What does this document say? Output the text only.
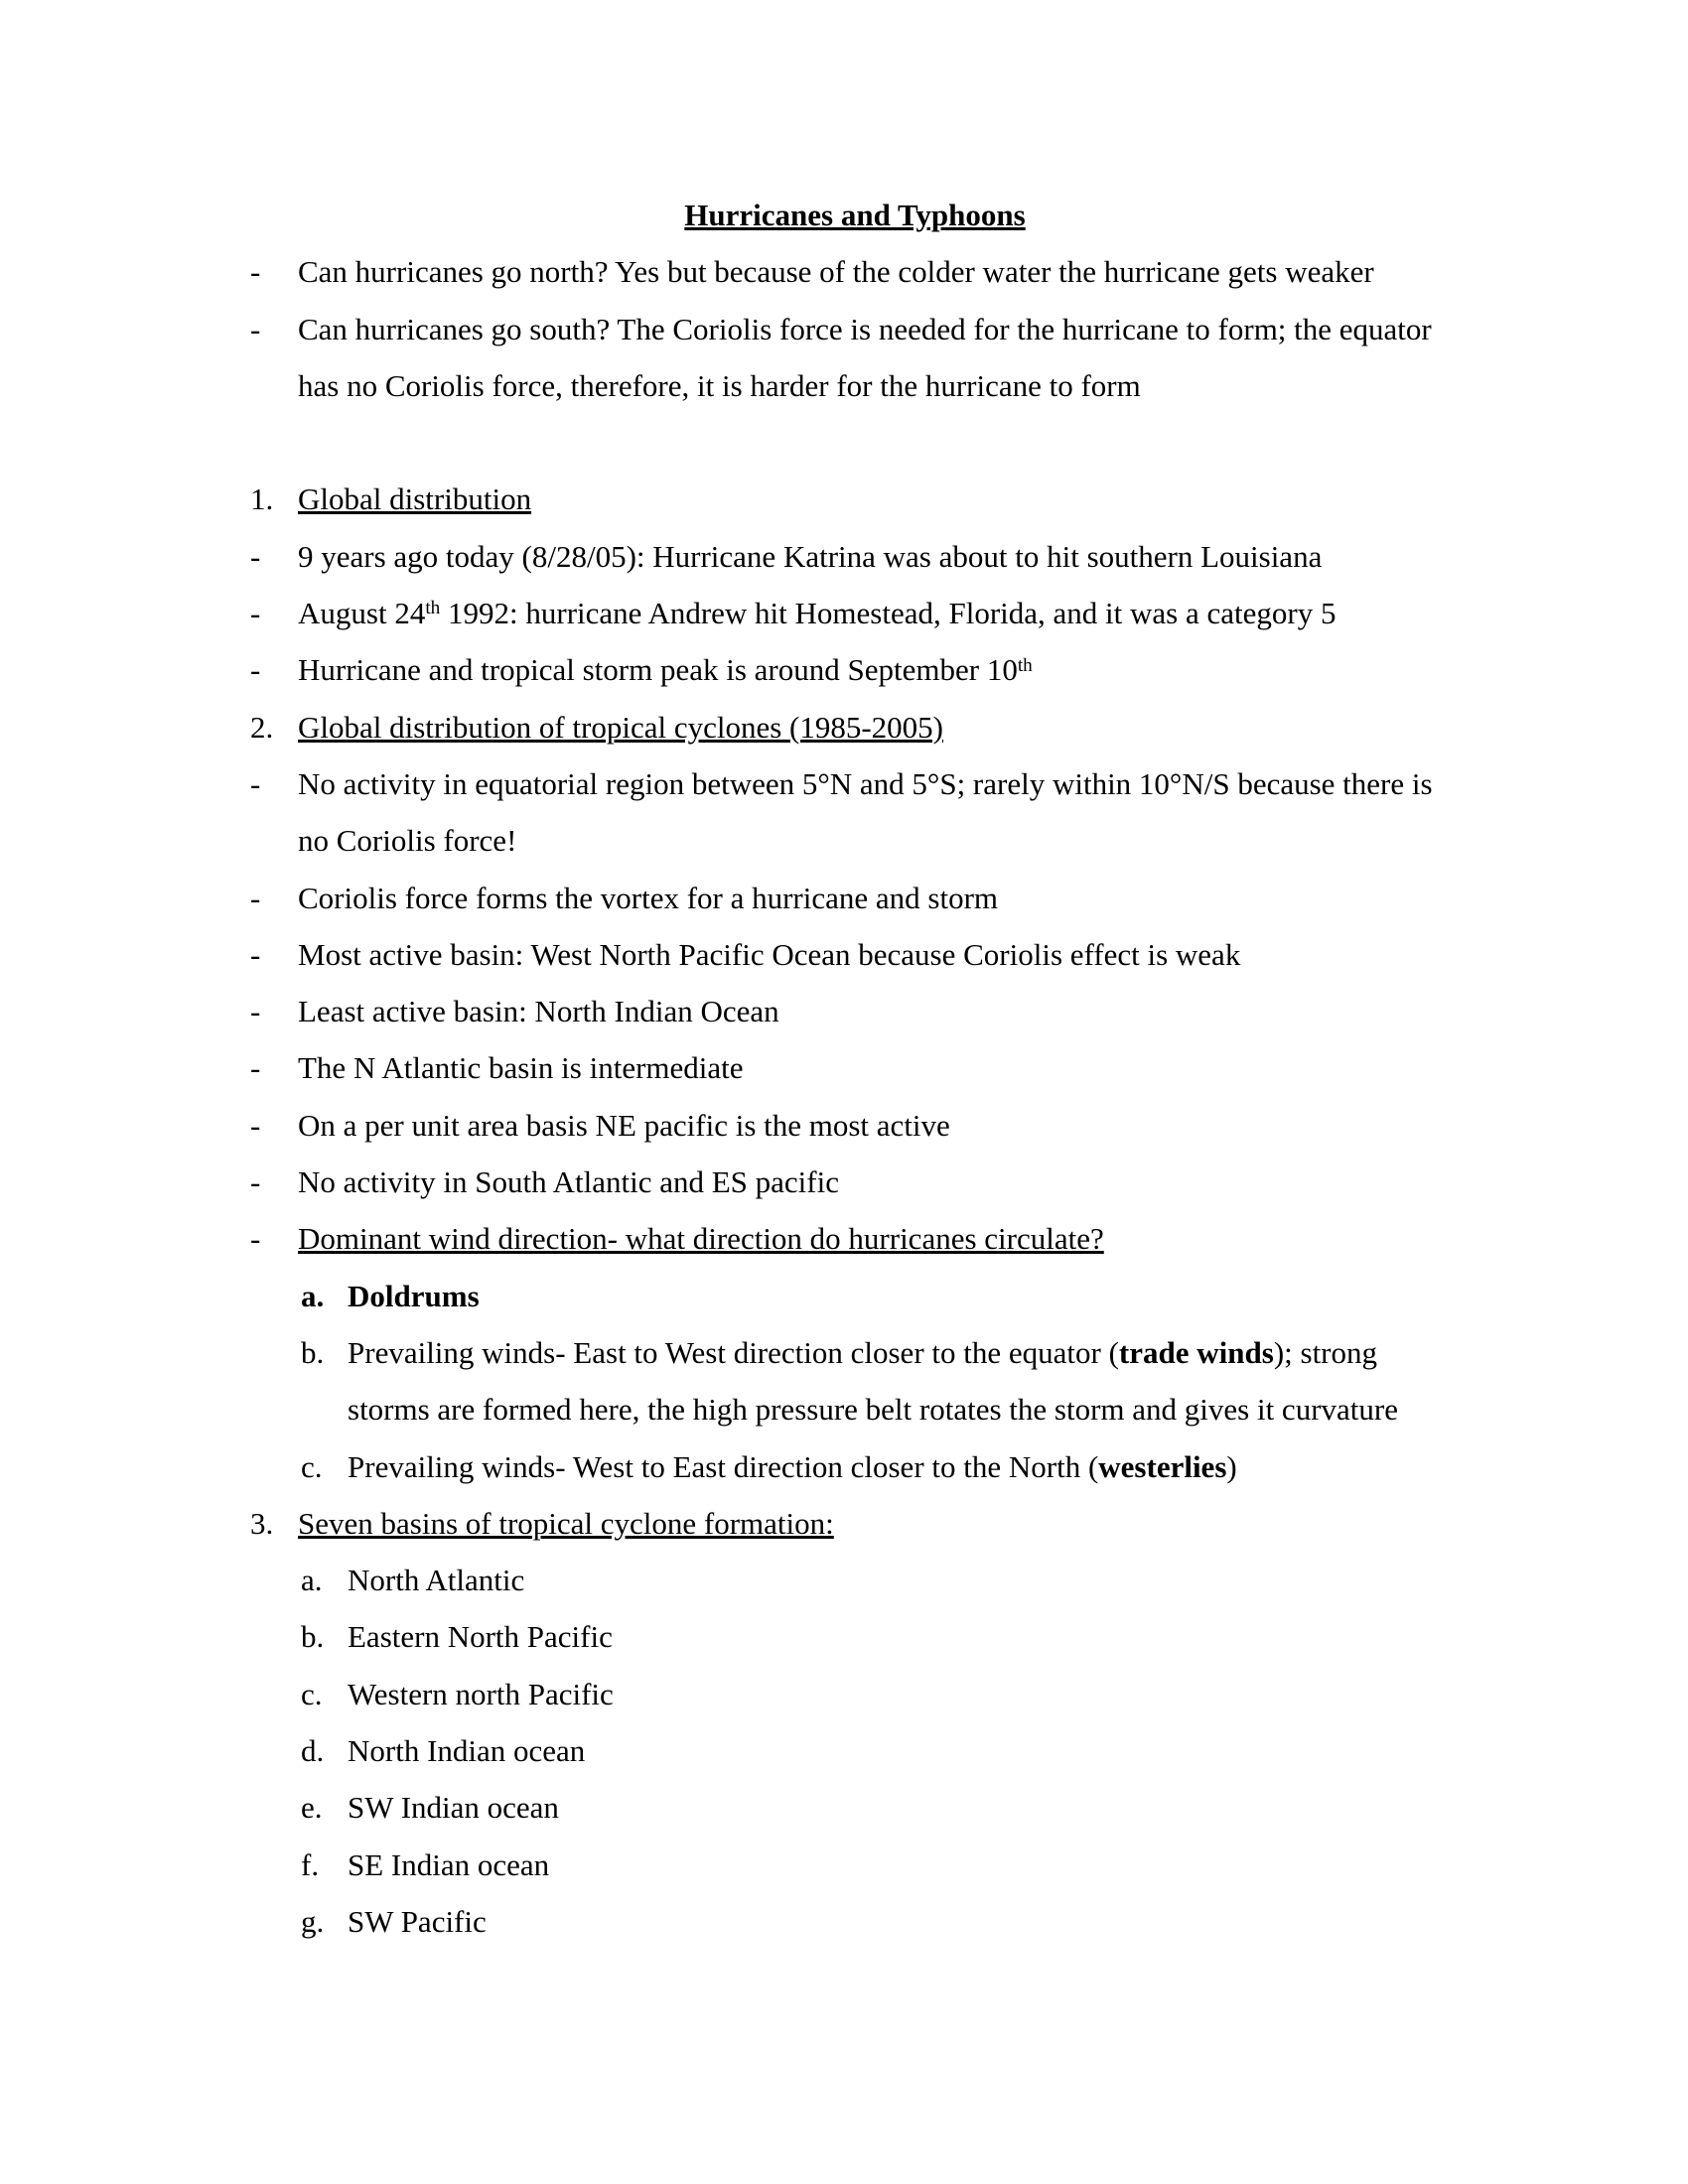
Hurricanes and Typhoons
- Can hurricanes go north? Yes but because of the colder water the hurricane gets weaker
- Can hurricanes go south? The Coriolis force is needed for the hurricane to form; the equator has no Coriolis force, therefore, it is harder for the hurricane to form
1. Global distribution
- 9 years ago today (8/28/05): Hurricane Katrina was about to hit southern Louisiana
- August 24th 1992: hurricane Andrew hit Homestead, Florida, and it was a category 5
- Hurricane and tropical storm peak is around September 10th
2. Global distribution of tropical cyclones (1985-2005)
- No activity in equatorial region between 5°N and 5°S; rarely within 10°N/S because there is no Coriolis force!
- Coriolis force forms the vortex for a hurricane and storm
- Most active basin: West North Pacific Ocean because Coriolis effect is weak
- Least active basin: North Indian Ocean
- The N Atlantic basin is intermediate
- On a per unit area basis NE pacific is the most active
- No activity in South Atlantic and ES pacific
- Dominant wind direction- what direction do hurricanes circulate?
a. Doldrums
b. Prevailing winds- East to West direction closer to the equator (trade winds); strong storms are formed here, the high pressure belt rotates the storm and gives it curvature
c. Prevailing winds- West to East direction closer to the North (westerlies)
3. Seven basins of tropical cyclone formation:
a. North Atlantic
b. Eastern North Pacific
c. Western north Pacific
d. North Indian ocean
e. SW Indian ocean
f. SE Indian ocean
g. SW Pacific
